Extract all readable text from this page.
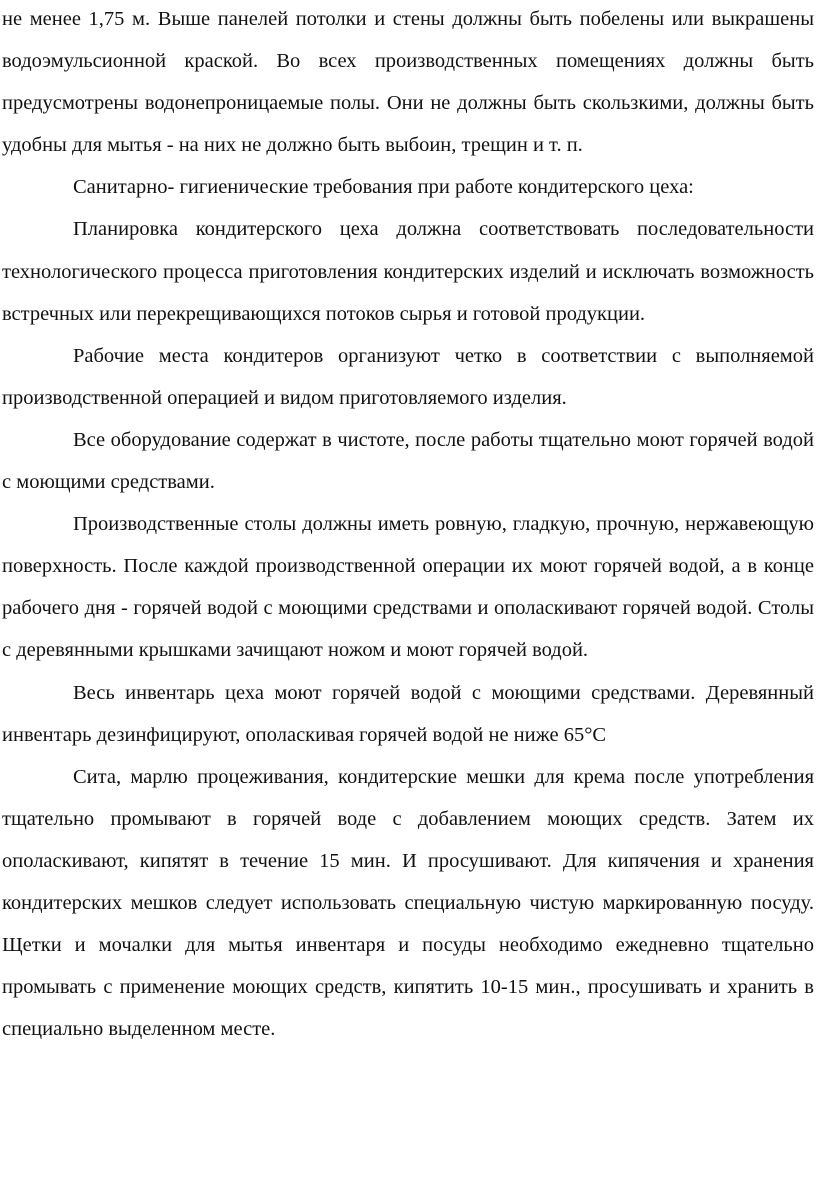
не менее 1,75 м. Выше панелей потолки и стены должны быть побелены или выкрашены водоэмульсионной краской. Во всех производственных помещениях должны быть предусмотрены водонепроницаемые полы. Они не должны быть скользкими, должны быть удобны для мытья - на них не должно быть выбоин, трещин и т. п.

Санитарно- гигиенические требования при работе кондитерского цеха:

Планировка кондитерского цеха должна соответствовать последовательности технологического процесса приготовления кондитерских изделий и исключать возможность встречных или перекрещивающихся потоков сырья и готовой продукции.

Рабочие места кондитеров организуют четко в соответствии с выполняемой производственной операцией и видом приготовляемого изделия.

Все оборудование содержат в чистоте, после работы тщательно моют горячей водой с моющими средствами.

Производственные столы должны иметь ровную, гладкую, прочную, нержавеющую поверхность. После каждой производственной операции их моют горячей водой, а в конце рабочего дня - горячей водой с моющими средствами и ополаскивают горячей водой. Столы с деревянными крышками зачищают ножом и моют горячей водой.

Весь инвентарь цеха моют горячей водой с моющими средствами. Деревянный инвентарь дезинфицируют, ополаскивая горячей водой не ниже 65°С

Сита, марлю процеживания, кондитерские мешки для крема после употребления тщательно промывают в горячей воде с добавлением моющих средств. Затем их ополаскивают, кипятят в течение 15 мин. И просушивают. Для кипячения и хранения кондитерских мешков следует использовать специальную чистую маркированную посуду. Щетки и мочалки для мытья инвентаря и посуды необходимо ежедневно тщательно промывать с применение моющих средств, кипятить 10-15 мин., просушивать и хранить в специально выделенном месте.
